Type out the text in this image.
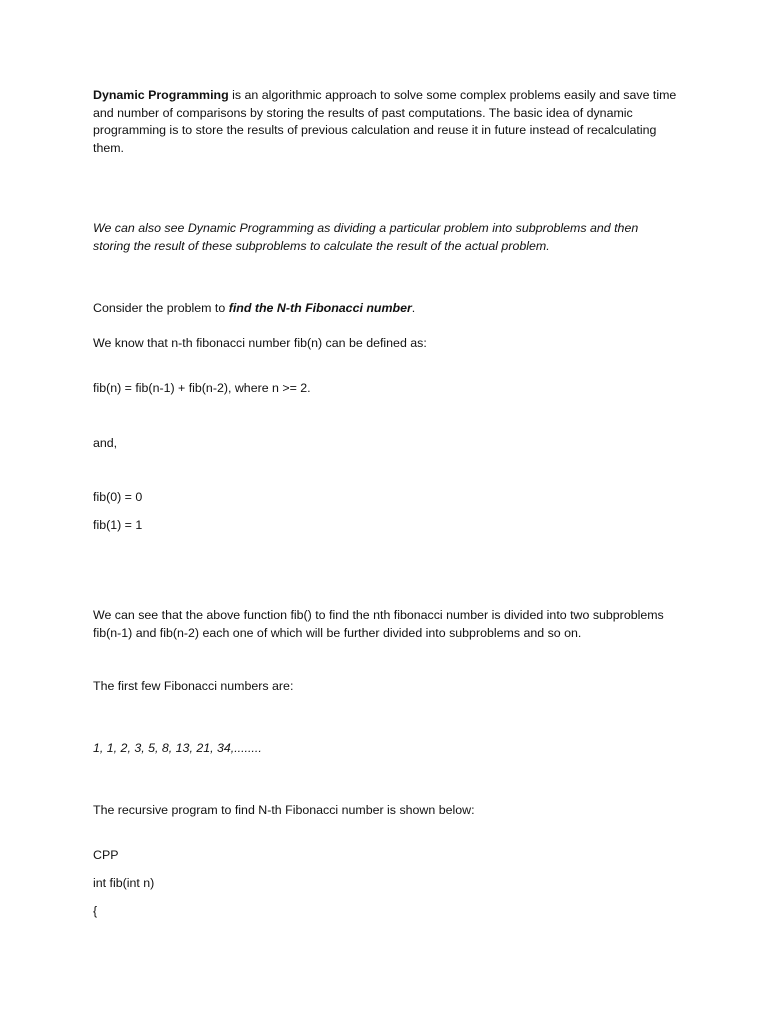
Dynamic Programming is an algorithmic approach to solve some complex problems easily and save time and number of comparisons by storing the results of past computations. The basic idea of dynamic programming is to store the results of previous calculation and reuse it in future instead of recalculating them.

We can also see Dynamic Programming as dividing a particular problem into subproblems and then storing the result of these subproblems to calculate the result of the actual problem.

Consider the problem to find the N-th Fibonacci number.

We know that n-th fibonacci number fib(n) can be defined as:

fib(n) = fib(n-1) + fib(n-2), where n >= 2.

and,

fib(0) = 0

fib(1) = 1

We can see that the above function fib() to find the nth fibonacci number is divided into two subproblems fib(n-1) and fib(n-2) each one of which will be further divided into subproblems and so on.

The first few Fibonacci numbers are:

1, 1, 2, 3, 5, 8, 13, 21, 34,........

The recursive program to find N-th Fibonacci number is shown below:

CPP

int fib(int n)

{
